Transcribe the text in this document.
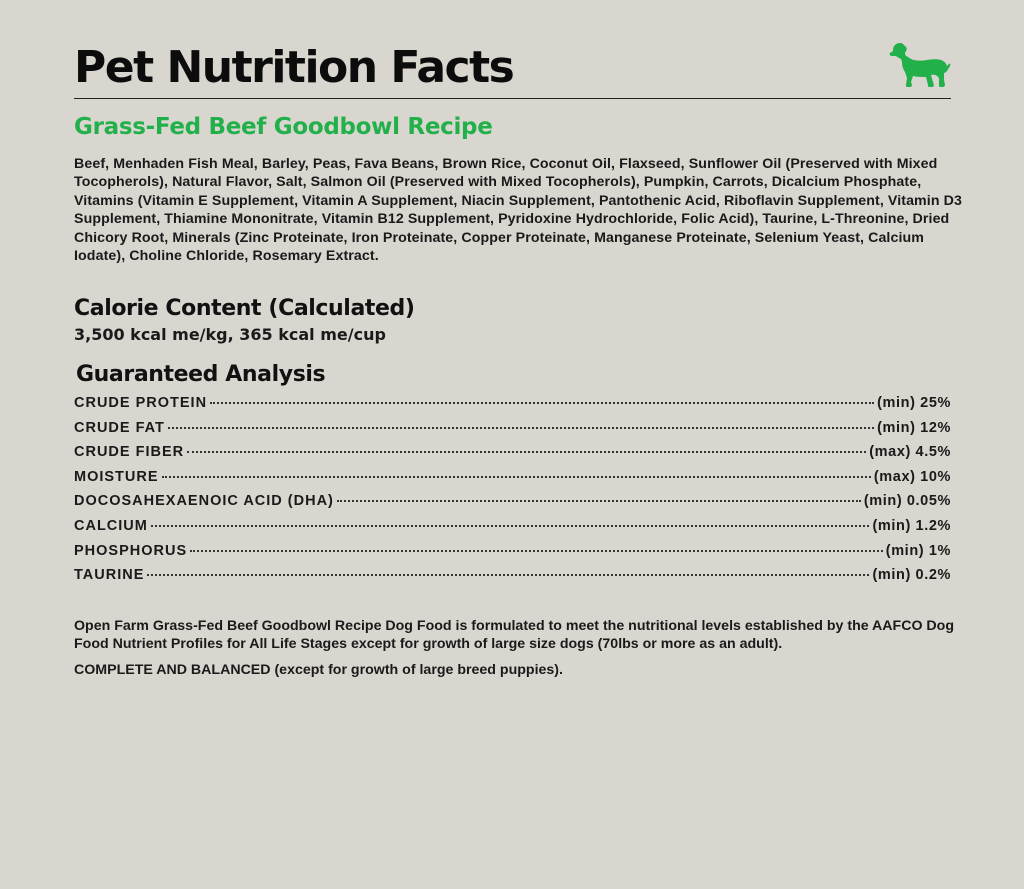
Pet Nutrition Facts
Grass-Fed Beef Goodbowl Recipe

Beef, Menhaden Fish Meal, Barley, Peas, Fava Beans, Brown Rice, Coconut Oil, Flaxseed, Sunflower Oil (Preserved with Mixed Tocopherols), Natural Flavor, Salt, Salmon Oil (Preserved with Mixed Tocopherols), Pumpkin, Carrots, Dicalcium Phosphate, Vitamins (Vitamin E Supplement, Vitamin A Supplement, Niacin Supplement, Pantothenic Acid, Riboflavin Supplement, Vitamin D3 Supplement, Thiamine Mononitrate, Vitamin B12 Supplement, Pyridoxine Hydrochloride, Folic Acid), Taurine, L-Threonine, Dried Chicory Root, Minerals (Zinc Proteinate, Iron Proteinate, Copper Proteinate, Manganese Proteinate, Selenium Yeast, Calcium Iodate), Choline Chloride, Rosemary Extract.

Calorie Content (Calculated)

3,500 kcal me/kg, 365 kcal me/cup

Guaranteed Analysis
CRUDE PROTEIN	(min) 25%
CRUDE FAT	(min) 12%
CRUDE FIBER	(max) 4.5%
MOISTURE	(max) 10%
DOCOSAHEXAENOIC ACID (DHA)	(min) 0.05%
CALCIUM	(min) 1.2%
PHOSPHORUS	(min) 1%
TAURINE	(min) 0.2%

Open Farm Grass-Fed Beef Goodbowl Recipe Dog Food is formulated to meet the nutritional levels established by the AAFCO Dog Food Nutrient Profiles for All Life Stages except for growth of large size dogs (70lbs or more as an adult).

COMPLETE AND BALANCED (except for growth of large breed puppies).
